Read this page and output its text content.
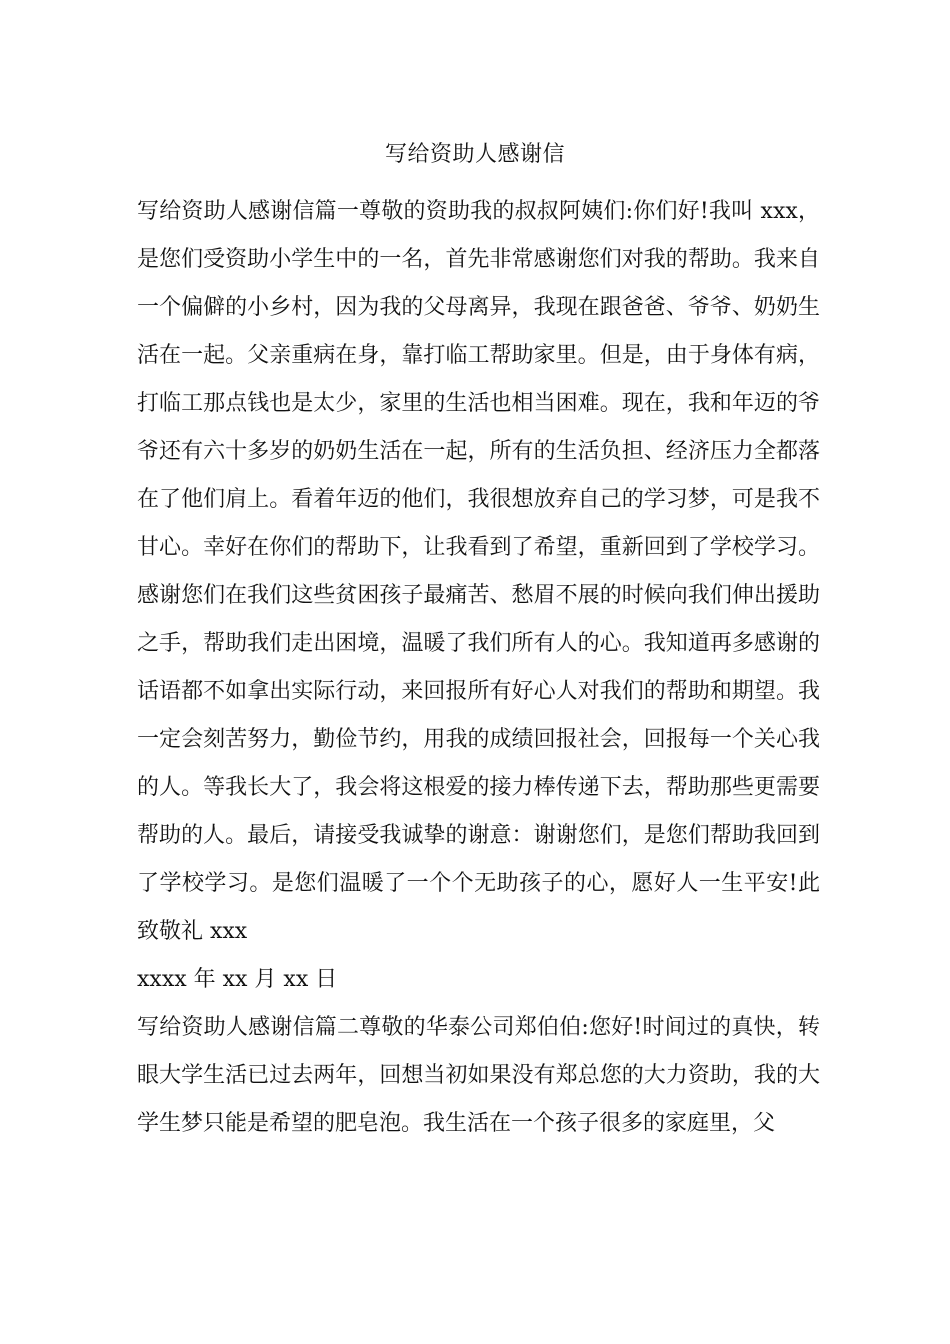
写给资助人感谢信

写给资助人感谢信篇一尊敬的资助我的叔叔阿姨们:你们好!我叫 xxx，是您们受资助小学生中的一名，首先非常感谢您们对我的帮助。我来自一个偏僻的小乡村，因为我的父母离异，我现在跟爸爸、爷爷、奶奶生活在一起。父亲重病在身，靠打临工帮助家里。但是，由于身体有病，打临工那点钱也是太少，家里的生活也相当困难。现在，我和年迈的爷爷还有六十多岁的奶奶生活在一起，所有的生活负担、经济压力全都落在了他们肩上。看着年迈的他们，我很想放弃自己的学习梦，可是我不甘心。幸好在你们的帮助下，让我看到了希望，重新回到了学校学习。感谢您们在我们这些贫困孩子最痛苦、愁眉不展的时候向我们伸出援助之手，帮助我们走出困境，温暖了我们所有人的心。我知道再多感谢的话语都不如拿出实际行动，来回报所有好心人对我们的帮助和期望。我一定会刻苦努力，勤俭节约，用我的成绩回报社会，回报每一个关心我的人。等我长大了，我会将这根爱的接力棒传递下去，帮助那些更需要帮助的人。最后，请接受我诚挚的谢意：谢谢您们，是您们帮助我回到了学校学习。是您们温暖了一个个无助孩子的心，愿好人一生平安!此致敬礼 xxx

xxxx 年 xx 月 xx 日

写给资助人感谢信篇二尊敬的华泰公司郑伯伯:您好!时间过的真快，转眼大学生活已过去两年，回想当初如果没有郑总您的大力资助，我的大学生梦只能是希望的肥皂泡。我生活在一个孩子很多的家庭里，父
